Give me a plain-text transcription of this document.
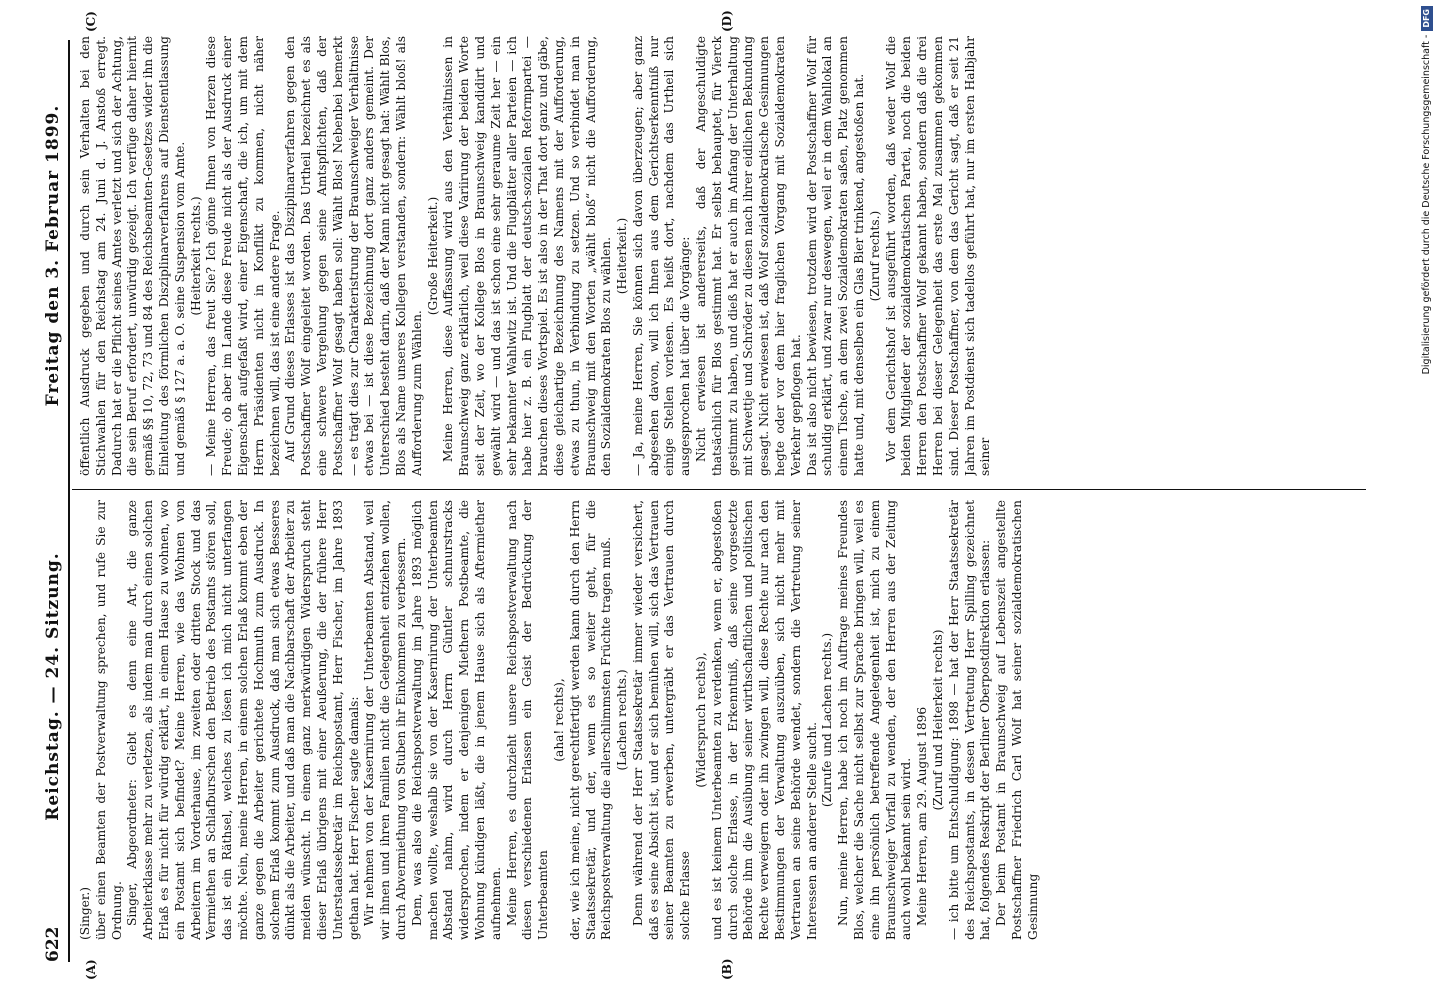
622
Reichstag. — 24. Sitzung.
Freitag den 3. Februar 1899.
(A)	(B)
(C)	(D)

(Singer.) über einen Beamten der Postverwaltung sprechen, und rufe Sie zur Ordnung. Singer, Abgeordneter: Giebt es denn eine Art, die ganze Arbeiterklasse mehr zu verletzen, als indem man durch einen solchen Erlaß es für nicht für würdig erklärt, in einem Hause zu wohnen, wo ein Postamt sich befindet? Meine Herren, wie das Wohnen von Arbeitern im Vorderhause, im zweiten oder dritten Stock und das Vermiethen an Schlafburschen den Betrieb des Postamts stören soll, das ist ein Räthsel, welches zu lösen ich mich nicht unterfangen möchte. Nein, meine Herren, in einem solchen Erlaß kommt eben der ganze gegen die Arbeiter gerichtete Hochmuth zum Ausdruck. In solchem Erlaß kommt zum Ausdruck, daß man sich etwas Besseres dünkt als die Arbeiter, und daß man die Nachbarschaft der Arbeiter zu meiden wünscht. In einem ganz merkwürdigen Widerspruch steht dieser Erlaß übrigens mit einer Aeußerung, die der frühere Herr Unterstaatssekretär im Reichspostamt, Herr Fischer, im Jahre 1893 gethan hat. Herr Fischer sagte damals: Wir nehmen von der Kasernirung der Unterbeamten Abstand, weil wir ihnen und ihren Familien nicht die Gelegenheit entziehen wollen, durch Abvermiethung von Stuben ihr Einkommen zu verbessern. Dem, was also die Reichspostverwaltung im Jahre 1893 möglich machen wollte, weshalb sie von der Kasernirung der Unterbeamten Abstand nahm, wird durch Herrn Güntler schnurstracks widersprochen, indem er denjenigen Miethern Postbeamte, die Wohnung kündigen läßt, die in jenem Hause sich als Aftermiether aufnehmen. Meine Herren, es durchzieht unsere Reichspostverwaltung nach diesen verschiedenen Erlassen ein Geist der Bedrückung der Unterbeamten

(aha! rechts), der, wie ich meine, nicht gerechtfertigt werden kann durch den Herrn Staatssekretär, und der, wenn es so weiter geht, für die Reichspostverwaltung die allerschlimmsten Früchte tragen muß. (Lachen rechts.) Denn während der Herr Staatssekretär immer wieder versichert, daß es seine Absicht ist, und er sich bemühen will, sich das Vertrauen seiner Beamten zu erwerben, untergräbt er das Vertrauen durch solche Erlasse

(Widerspruch rechts), und es ist keinem Unterbeamten zu verdenken, wenn er, abgestoßen durch solche Erlasse, in der Erkenntniß, daß seine vorgesetzte Behörde ihm die Ausübung seiner wirthschaftlichen und politischen Rechte verweigern oder ihn zwingen will, diese Rechte nur nach den Bestimmungen der Verwaltung auszuüben, sich nicht mehr mit Vertrauen an seine Behörde wendet, sondern die Vertretung seiner Interessen an anderer Stelle sucht.

(Zurufe und Lachen rechts.) Nun, meine Herren, habe ich noch im Auftrage meines Freundes Blos, welcher die Sache nicht selbst zur Sprache bringen will, weil es eine ihn persönlich betreffende Angelegenheit ist, mich zu einem Braunschweiger Vorfall zu wenden, der den Herren aus der Zeitung auch wohl bekannt sein wird. Meine Herren, am 29. August 1896 (Zuruf und Heiterkeit rechts) — ich bitte um Entschuldigung: 1898 — hat der Herr Staatssekretär des Reichspostamts, in dessen Vertretung Herr Spilling gezeichnet hat, folgendes Reskript der Berliner Oberpostdirektion erlassen: Der beim Postamt in Braunschweig auf Lebenszeit angestellte Postschaffner Friedrich Carl Wolf hat seiner sozialdemokratischen Gesinnung

öffentlich Ausdruck gegeben und durch sein Verhalten bei den Stichwahlen für den Reichstag am 24. Juni d. J. Anstoß erregt. Dadurch hat er die Pflicht seines Amtes verletzt und sich der Achtung, die sein Beruf erfordert, unwürdig gezeigt. Ich verfüge daher hiermit gemäß §§ 10, 72, 73 und 84 des Reichsbeamten-Gesetzes wider ihn die Einleitung des förmlichen Disziplinarverfahrens auf Dienstentlassung und gemäß § 127 a. a. O. seine Suspension vom Amte. (Heiterkeit rechts.) — Meine Herren, das freut Sie? Ich gönne Ihnen von Herzen diese Freude; ob aber im Lande diese Freude nicht als der Ausdruck einer Eigenschaft aufgefaßt wird, einer Eigenschaft, die ich, um mit dem Herrn Präsidenten nicht in Konflikt zu kommen, nicht näher bezeichnen will, das ist eine andere Frage. Auf Grund dieses Erlasses ist das Disziplinarverfahren gegen den Postschaffner Wolf eingeleitet worden. Das Urtheil bezeichnet es als eine schwere Vergehung gegen seine Amtspflichten, daß der Postschaffner Wolf gesagt haben soll: Wählt Blos! Nebenbei bemerkt — es trägt dies zur Charakteristrung der Braunschweiger Verhältnisse etwas bei — ist diese Bezeichnung dort ganz anders gemeint. Der Unterschied besteht darin, daß der Mann nicht gesagt hat: Wählt Blos, Blos als Name unseres Kollegen verstanden, sondern: Wählt bloß! als Aufforderung zum Wählen.

(Große Heiterkeit.) Meine Herren, diese Auffassung wird aus den Verhältnissen in Braunschweig ganz erklärlich, weil diese Variirung der beiden Worte seit der Zeit, wo der Kollege Blos in Braunschweig kandidirt und gewählt wird — und das ist schon eine sehr geraume Zeit her — ein sehr bekannter Wahlwitz ist. Und die Flugblätter aller Parteien — ich habe hier z. B. ein Flugblatt der deutsch-sozialen Reformpartei — brauchen dieses Wortspiel. Es ist also in der That dort ganz und gäbe, diese gleichartige Bezeichnung des Namens mit der Aufforderung, etwas zu thun, in Verbindung zu setzen. Und so verbindet man in Braunschweig mit den Worten „wählt bloß“ nicht die Aufforderung, den Sozialdemokraten Blos zu wählen. (Heiterkeit.) — Ja, meine Herren, Sie können sich davon überzeugen; aber ganz abgesehen davon, will ich Ihnen aus dem Gerichtserkenntniß nur einige Stellen vorlesen. Es heißt dort, nachdem das Urtheil sich ausgesprochen hat über die Vorgänge: Nicht erwiesen ist andererseits, daß der Angeschuldigte thatsächlich für Blos gestimmt hat. Er selbst behauptet, für Vierck gestimmt zu haben, und dieß hat er auch im Anfang der Unterhaltung mit Schwettje und Schröder zu diesen nach ihrer eidlichen Bekundung gesagt. Nicht erwiesen ist, daß Wolf sozialdemokratische Gesinnungen hegte oder vor dem hier fraglichen Vorgang mit Sozialdemokraten Verkehr gepflogen hat. Das ist also nicht bewiesen, trotzdem wird der Postschaffner Wolf für schuldig erklärt, und zwar nur deswegen, weil er in dem Wahllokal an einem Tische, an dem zwei Sozialdemokraten saßen, Platz genommen hatte und, mit denselben ein Glas Bier trinkend, angestoßen hat. (Zuruf rechts.) Vor dem Gerichtshof ist ausgeführt worden, daß weder Wolf die beiden Mitglieder der sozialdemokratischen Partei, noch die beiden Herren den Postschaffner Wolf gekannt haben, sondern daß die drei Herren bei dieser Gelegenheit das erste Mal zusammen gekommen sind. Dieser Postschaffner, von dem das Gericht sagt, daß er seit 21 Jahren im Postdienst sich tadellos geführt hat, nur im ersten Halbjahr seiner

Digitalisierung gefördert durch die Deutsche Forschungsgemeinschaft -DFG
